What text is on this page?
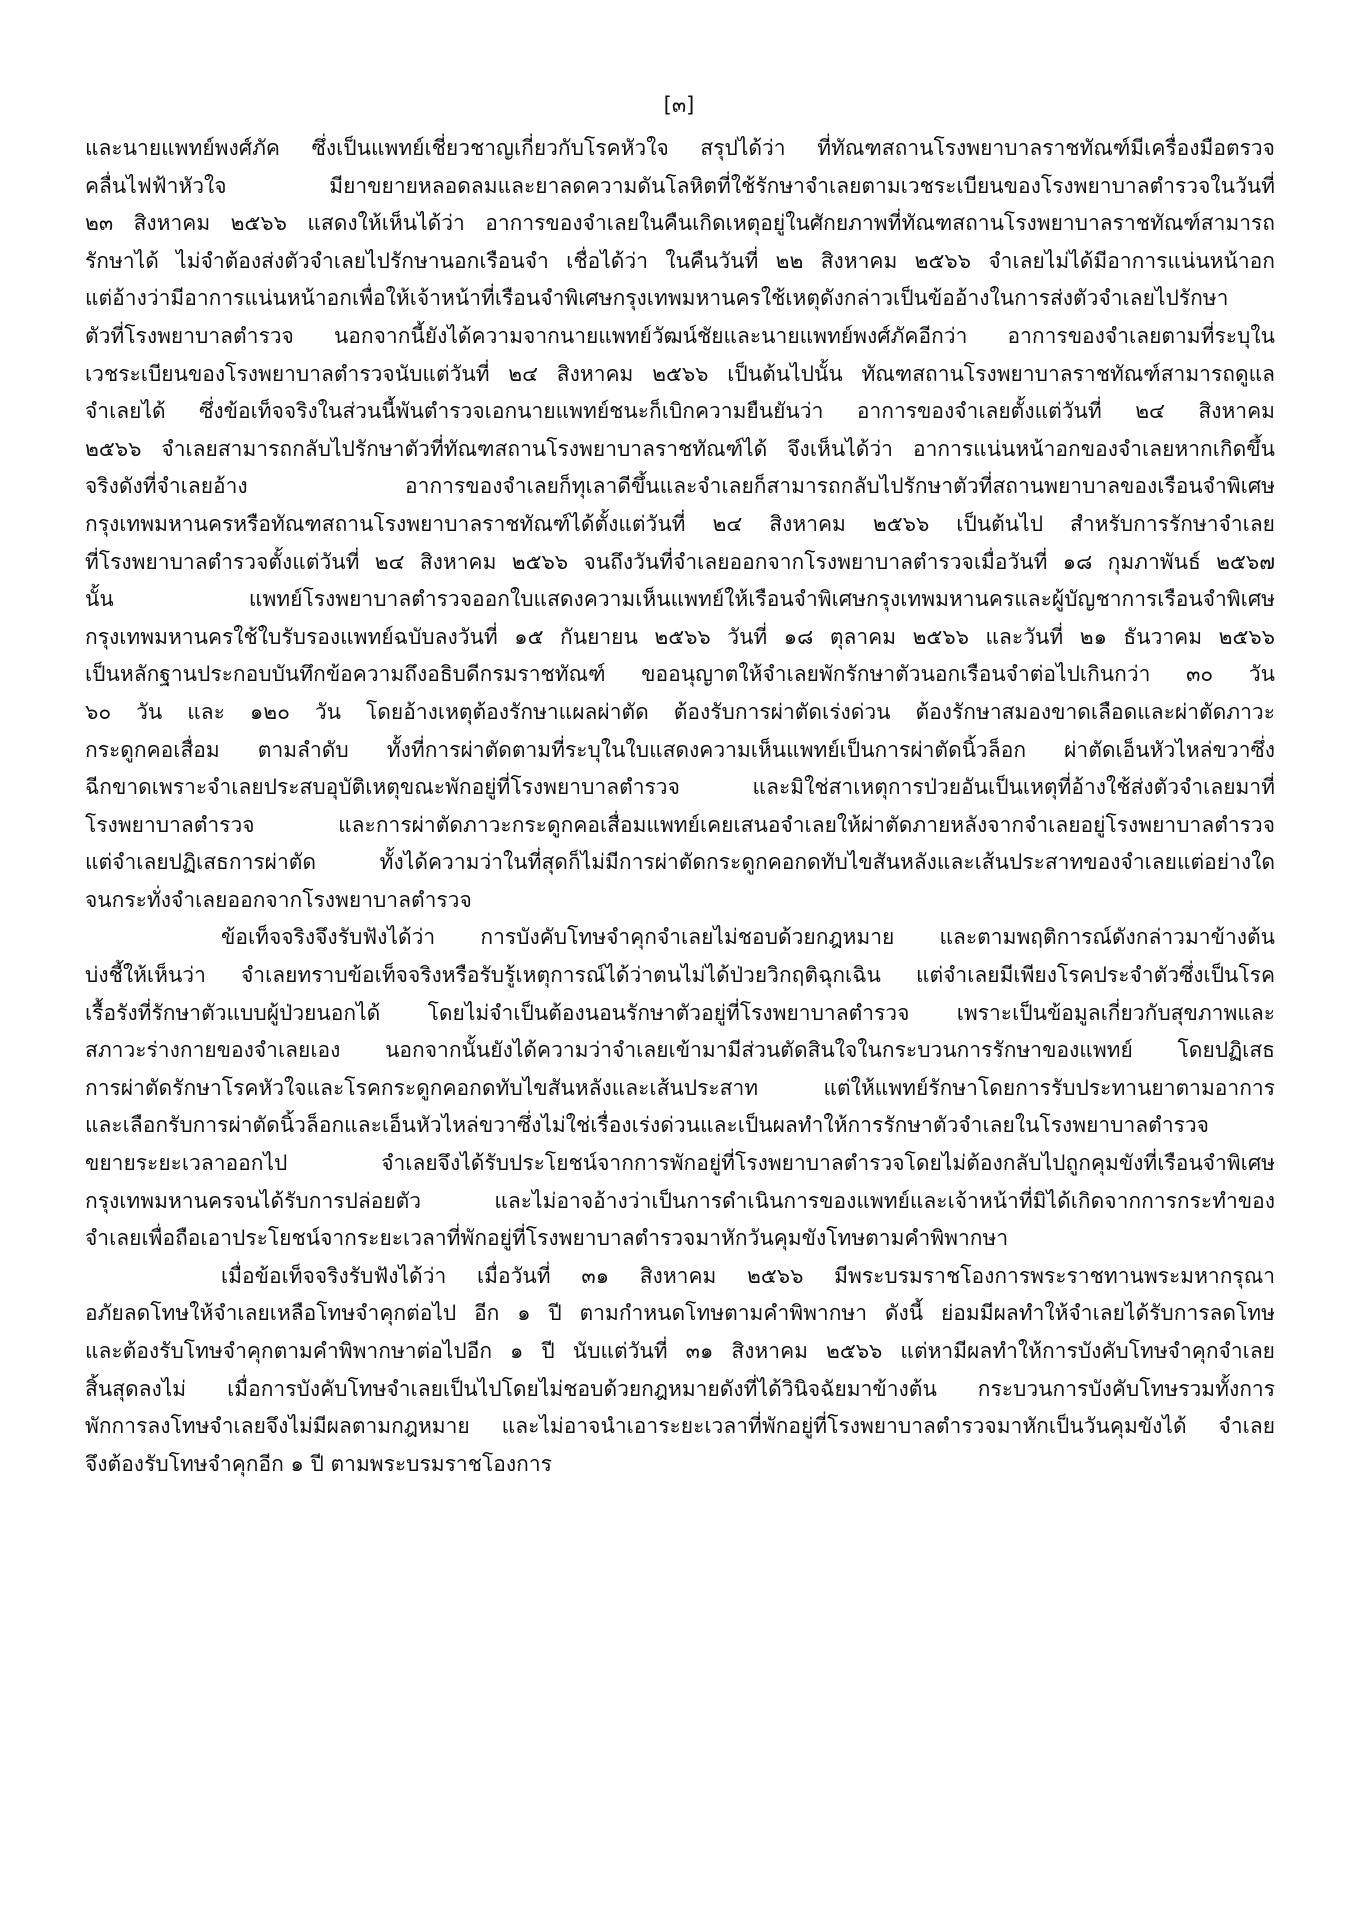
[๓]
และนายแพทย์พงศ์ภัค ซึ่งเป็นแพทย์เชี่ยวชาญเกี่ยวกับโรคหัวใจ สรุปได้ว่า ที่ทัณฑสถานโรงพยาบาลราชทัณฑ์มีเครื่องมือตรวจ
คลื่นไฟฟ้าหัวใจ มียาขยายหลอดลมและยาลดความดันโลหิตที่ใช้รักษาจำเลยตามเวชระเบียนของโรงพยาบาลตำรวจในวันที่
๒๓ สิงหาคม ๒๕๖๖ แสดงให้เห็นได้ว่า อาการของจำเลยในคืนเกิดเหตุอยู่ในศักยภาพที่ทัณฑสถานโรงพยาบาลราชทัณฑ์สามารถ
รักษาได้ ไม่จำต้องส่งตัวจำเลยไปรักษานอกเรือนจำ เชื่อได้ว่า ในคืนวันที่ ๒๒ สิงหาคม ๒๕๖๖ จำเลยไม่ได้มีอาการแน่นหน้าอก
แต่อ้างว่ามีอาการแน่นหน้าอกเพื่อให้เจ้าหน้าที่เรือนจำพิเศษกรุงเทพมหานครใช้เหตุดังกล่าวเป็นข้ออ้างในการส่งตัวจำเลยไปรักษา
ตัวที่โรงพยาบาลตำรวจ นอกจากนี้ยังได้ความจากนายแพทย์วัฒน์ชัยและนายแพทย์พงศ์ภัคอีกว่า อาการของจำเลยตามที่ระบุใน
เวชระเบียนของโรงพยาบาลตำรวจนับแต่วันที่ ๒๔ สิงหาคม ๒๕๖๖ เป็นต้นไปนั้น ทัณฑสถานโรงพยาบาลราชทัณฑ์สามารถดูแล
จำเลยได้ ซึ่งข้อเท็จจริงในส่วนนี้พันตำรวจเอกนายแพทย์ชนะก็เบิกความยืนยันว่า อาการของจำเลยตั้งแต่วันที่ ๒๔ สิงหาคม
๒๕๖๖ จำเลยสามารถกลับไปรักษาตัวที่ทัณฑสถานโรงพยาบาลราชทัณฑ์ได้ จึงเห็นได้ว่า อาการแน่นหน้าอกของจำเลยหากเกิดขึ้น
จริงดังที่จำเลยอ้าง อาการของจำเลยก็ทุเลาดีขึ้นและจำเลยก็สามารถกลับไปรักษาตัวที่สถานพยาบาลของเรือนจำพิเศษ
กรุงเทพมหานครหรือทัณฑสถานโรงพยาบาลราชทัณฑ์ได้ตั้งแต่วันที่ ๒๔ สิงหาคม ๒๕๖๖ เป็นต้นไป สำหรับการรักษาจำเลย
ที่โรงพยาบาลตำรวจตั้งแต่วันที่ ๒๔ สิงหาคม ๒๕๖๖ จนถึงวันที่จำเลยออกจากโรงพยาบาลตำรวจเมื่อวันที่ ๑๘ กุมภาพันธ์ ๒๕๖๗
นั้น แพทย์โรงพยาบาลตำรวจออกใบแสดงความเห็นแพทย์ให้เรือนจำพิเศษกรุงเทพมหานครและผู้บัญชาการเรือนจำพิเศษ
กรุงเทพมหานครใช้ใบรับรองแพทย์ฉบับลงวันที่ ๑๕ กันยายน ๒๕๖๖ วันที่ ๑๘ ตุลาคม ๒๕๖๖ และวันที่ ๒๑ ธันวาคม ๒๕๖๖
เป็นหลักฐานประกอบบันทึกข้อความถึงอธิบดีกรมราชทัณฑ์ ขออนุญาตให้จำเลยพักรักษาตัวนอกเรือนจำต่อไปเกินกว่า ๓๐ วัน
๖๐ วัน และ ๑๒๐ วัน โดยอ้างเหตุต้องรักษาแผลผ่าตัด ต้องรับการผ่าตัดเร่งด่วน ต้องรักษาสมองขาดเลือดและผ่าตัดภาวะ
กระดูกคอเสื่อม ตามลำดับ ทั้งที่การผ่าตัดตามที่ระบุในใบแสดงความเห็นแพทย์เป็นการผ่าตัดนิ้วล็อก ผ่าตัดเอ็นหัวไหล่ขวาซึ่ง
ฉีกขาดเพราะจำเลยประสบอุบัติเหตุขณะพักอยู่ที่โรงพยาบาลตำรวจ และมิใช่สาเหตุการป่วยอันเป็นเหตุที่อ้างใช้ส่งตัวจำเลยมาที่
โรงพยาบาลตำรวจ และการผ่าตัดภาวะกระดูกคอเสื่อมแพทย์เคยเสนอจำเลยให้ผ่าตัดภายหลังจากจำเลยอยู่โรงพยาบาลตำรวจ
แต่จำเลยปฏิเสธการผ่าตัด ทั้งได้ความว่าในที่สุดก็ไม่มีการผ่าตัดกระดูกคอกดทับไขสันหลังและเส้นประสาทของจำเลยแต่อย่างใด
จนกระทั่งจำเลยออกจากโรงพยาบาลตำรวจ
ข้อเท็จจริงจึงรับฟังได้ว่า การบังคับโทษจำคุกจำเลยไม่ชอบด้วยกฎหมาย และตามพฤติการณ์ดังกล่าวมาข้างต้น
บ่งชี้ให้เห็นว่า จำเลยทราบข้อเท็จจริงหรือรับรู้เหตุการณ์ได้ว่าตนไม่ได้ป่วยวิกฤติฉุกเฉิน แต่จำเลยมีเพียงโรคประจำตัวซึ่งเป็นโรค
เรื้อรังที่รักษาตัวแบบผู้ป่วยนอกได้ โดยไม่จำเป็นต้องนอนรักษาตัวอยู่ที่โรงพยาบาลตำรวจ เพราะเป็นข้อมูลเกี่ยวกับสุขภาพและ
สภาวะร่างกายของจำเลยเอง นอกจากนั้นยังได้ความว่าจำเลยเข้ามามีส่วนตัดสินใจในกระบวนการรักษาของแพทย์ โดยปฏิเสธ
การผ่าตัดรักษาโรคหัวใจและโรคกระดูกคอกดทับไขสันหลังและเส้นประสาท แต่ให้แพทย์รักษาโดยการรับประทานยาตามอาการ
และเลือกรับการผ่าตัดนิ้วล็อกและเอ็นหัวไหล่ขวาซึ่งไม่ใช่เรื่องเร่งด่วนและเป็นผลทำให้การรักษาตัวจำเลยในโรงพยาบาลตำรวจ
ขยายระยะเวลาออกไป จำเลยจึงได้รับประโยชน์จากการพักอยู่ที่โรงพยาบาลตำรวจโดยไม่ต้องกลับไปถูกคุมขังที่เรือนจำพิเศษ
กรุงเทพมหานครจนได้รับการปล่อยตัว และไม่อาจอ้างว่าเป็นการดำเนินการของแพทย์และเจ้าหน้าที่มิได้เกิดจากการกระทำของ
จำเลยเพื่อถือเอาประโยชน์จากระยะเวลาที่พักอยู่ที่โรงพยาบาลตำรวจมาหักวันคุมขังโทษตามคำพิพากษา
เมื่อข้อเท็จจริงรับฟังได้ว่า เมื่อวันที่ ๓๑ สิงหาคม ๒๕๖๖ มีพระบรมราชโองการพระราชทานพระมหากรุณา
อภัยลดโทษให้จำเลยเหลือโทษจำคุกต่อไป อีก ๑ ปี ตามกำหนดโทษตามคำพิพากษา ดังนี้ ย่อมมีผลทำให้จำเลยได้รับการลดโทษ
และต้องรับโทษจำคุกตามคำพิพากษาต่อไปอีก ๑ ปี นับแต่วันที่ ๓๑ สิงหาคม ๒๕๖๖ แต่หามีผลทำให้การบังคับโทษจำคุกจำเลย
สิ้นสุดลงไม่ เมื่อการบังคับโทษจำเลยเป็นไปโดยไม่ชอบด้วยกฎหมายดังที่ได้วินิจฉัยมาข้างต้น กระบวนการบังคับโทษรวมทั้งการ
พักการลงโทษจำเลยจึงไม่มีผลตามกฎหมาย และไม่อาจนำเอาระยะเวลาที่พักอยู่ที่โรงพยาบาลตำรวจมาหักเป็นวันคุมขังได้ จำเลย
จึงต้องรับโทษจำคุกอีก ๑ ปี ตามพระบรมราชโองการ
